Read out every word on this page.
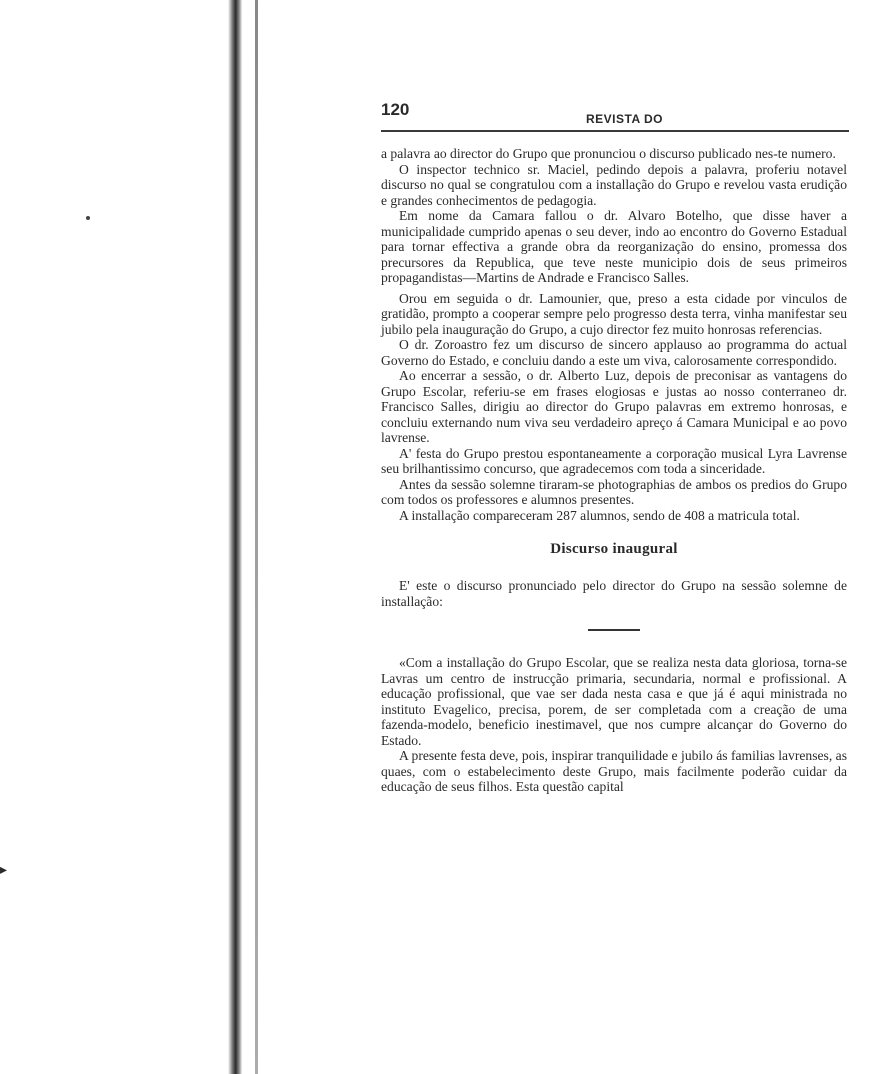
▸
120	REVISTA DO

a palavra ao director do Grupo que pronunciou o discurso publicado nes-te numero.

O inspector technico sr. Maciel, pedindo depois a palavra, proferiu notavel discurso no qual se congratulou com a installação do Grupo e revelou vasta erudição e grandes conhecimentos de pedagogia.

Em nome da Camara fallou o dr. Alvaro Botelho, que disse haver a municipalidade cumprido apenas o seu dever, indo ao encontro do Governo Estadual para tornar effectiva a grande obra da reorganização do ensino, promessa dos precursores da Republica, que teve neste municipio dois de seus primeiros propagandistas—Martins de Andrade e Francisco Salles.

Orou em seguida o dr. Lamounier, que, preso a esta cidade por vinculos de gratidão, prompto a cooperar sempre pelo progresso desta terra, vinha manifestar seu jubilo pela inauguração do Grupo, a cujo director fez muito honrosas referencias.

O dr. Zoroastro fez um discurso de sincero applauso ao programma do actual Governo do Estado, e concluiu dando a este um viva, calorosamente correspondido.

Ao encerrar a sessão, o dr. Alberto Luz, depois de preconisar as vantagens do Grupo Escolar, referiu-se em frases elogiosas e justas ao nosso conterraneo dr. Francisco Salles, dirigiu ao director do Grupo palavras em extremo honrosas, e concluiu externando num viva seu verdadeiro apreço á Camara Municipal e ao povo lavrense.

A' festa do Grupo prestou espontaneamente a corporação musical Lyra Lavrense seu brilhantissimo concurso, que agradecemos com toda a sinceridade.

Antes da sessão solemne tiraram-se photographias de ambos os predios do Grupo com todos os professores e alumnos presentes.

A installação compareceram 287 alumnos, sendo de 408 a matricula total.

Discurso inaugural

E' este o discurso pronunciado pelo director do Grupo na sessão solemne de installação:

«Com a installação do Grupo Escolar, que se realiza nesta data gloriosa, torna-se Lavras um centro de instrucção primaria, secundaria, normal e profissional. A educação profissional, que vae ser dada nesta casa e que já é aqui ministrada no instituto Evagelico, precisa, porem, de ser completada com a creação de uma fazenda-modelo, beneficio inestimavel, que nos cumpre alcançar do Governo do Estado.

A presente festa deve, pois, inspirar tranquilidade e jubilo ás familias lavrenses, as quaes, com o estabelecimento deste Grupo, mais facilmente poderão cuidar da educação de seus filhos. Esta questão capital
